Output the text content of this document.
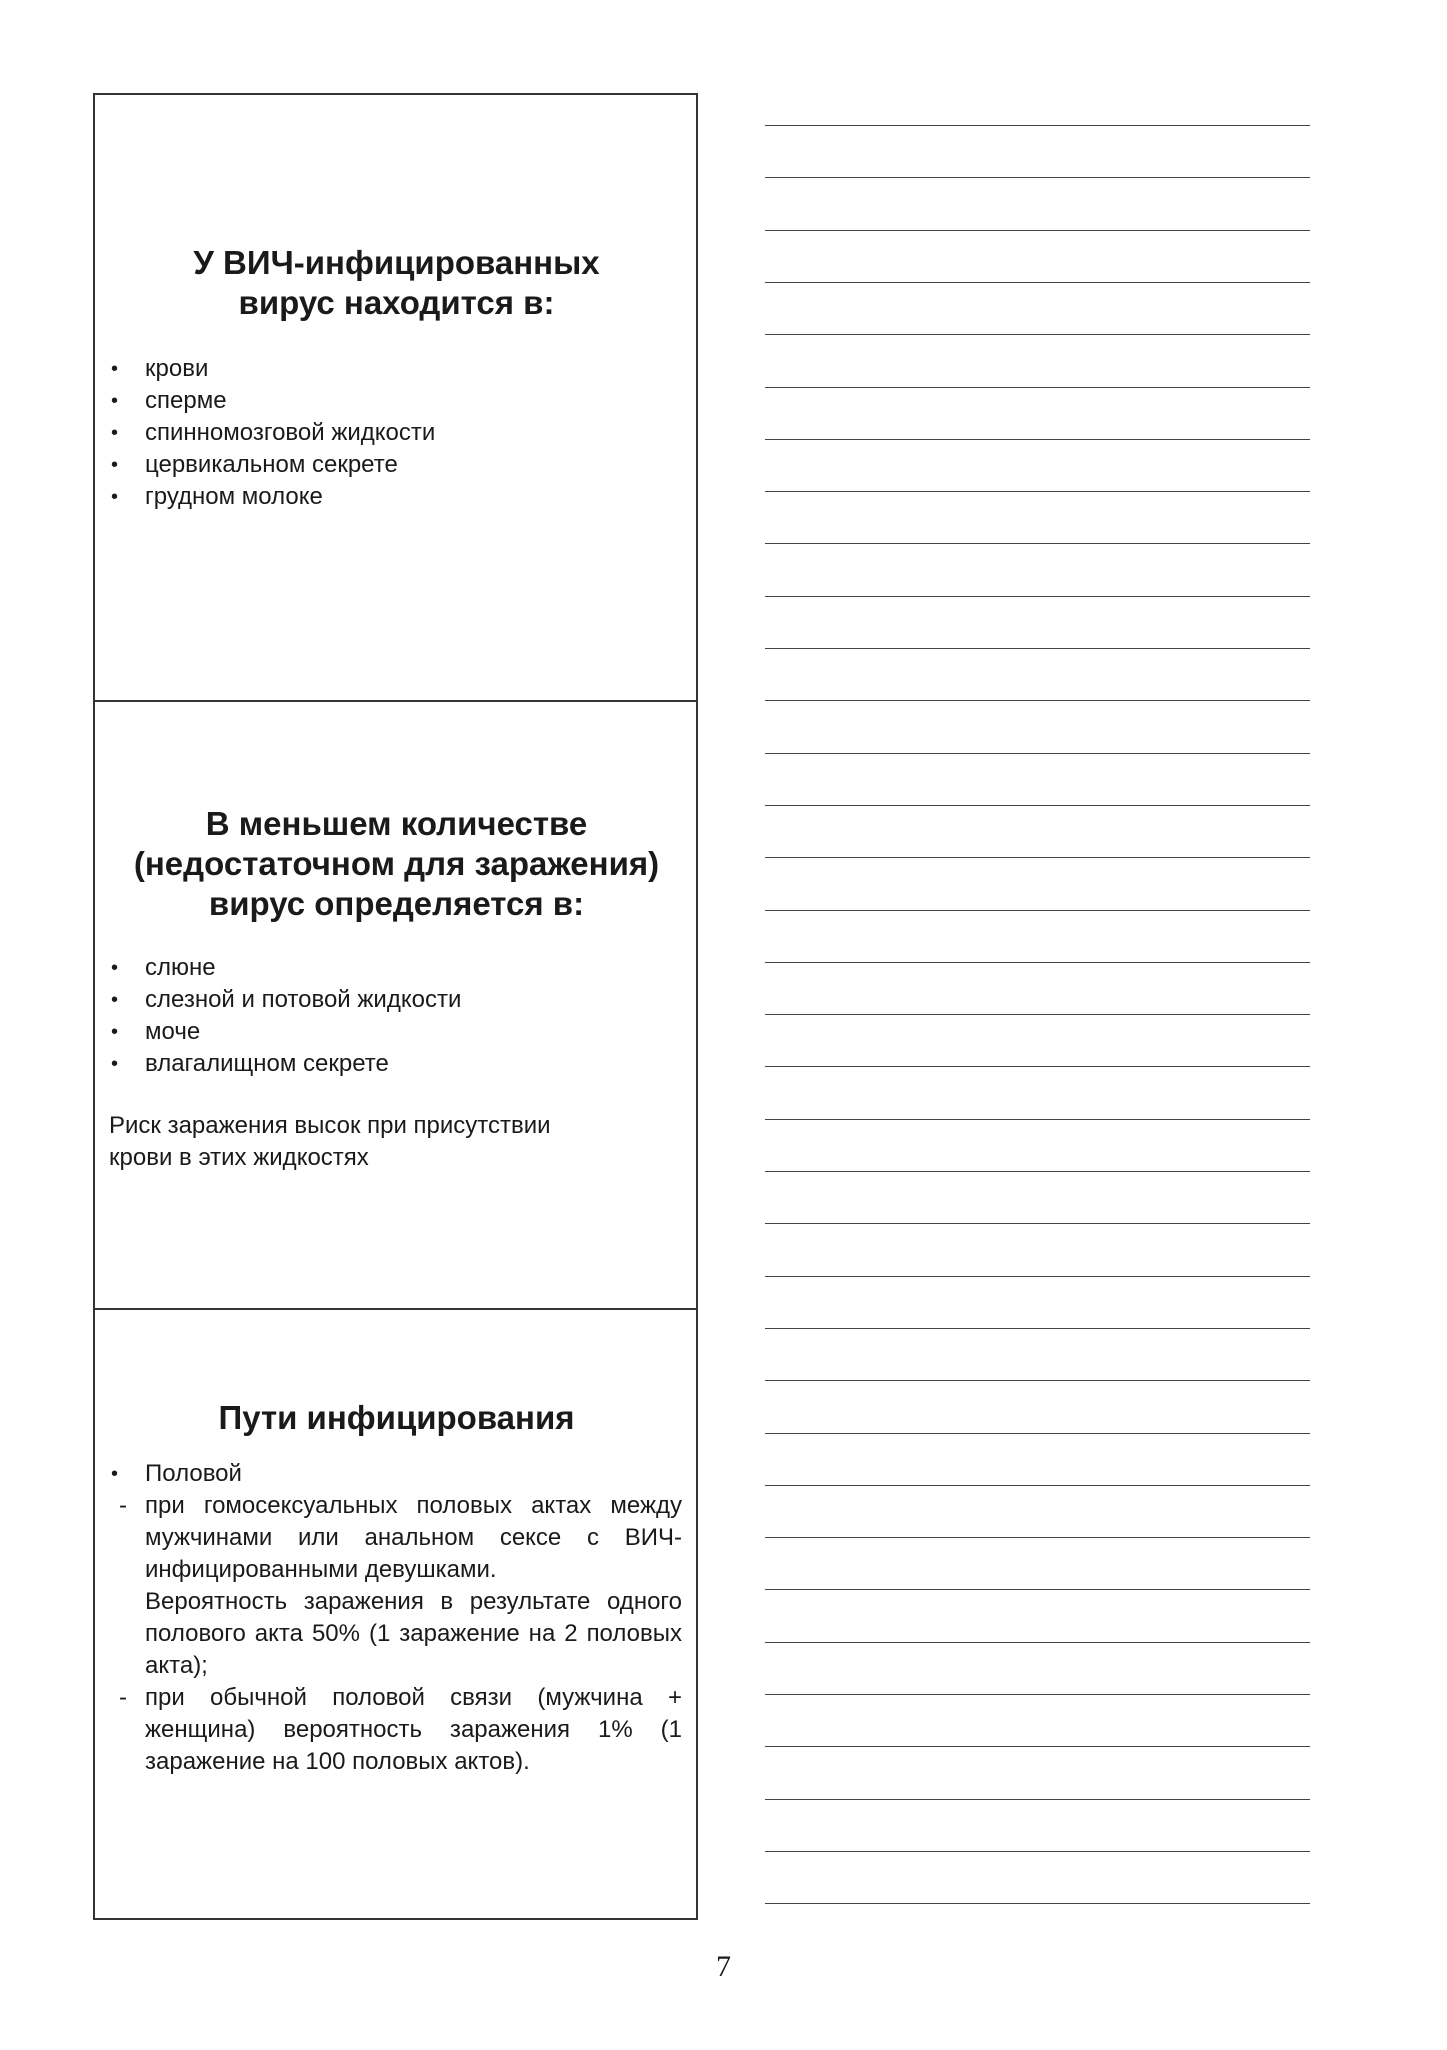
У ВИЧ-инфицированных
вирус находится в:
• крови
• сперме
• спинномозговой жидкости
• цервикальном секрете
• грудном молоке
В меньшем количестве
(недостаточном для заражения)
вирус определяется в:
• слюне
• слезной и потовой жидкости
• моче
• влагалищном секрете
Риск заражения высок при присутствии
крови в этих жидкостях
Пути инфицирования
• Половой
- при гомосексуальных половых актах между мужчинами или анальном сексе с ВИЧ-инфицированными девушками.
Вероятность заражения в результате одного полового акта 50% (1 заражение на 2 половых акта);
- при обычной половой связи (мужчина + женщина) вероятность заражения 1% (1 заражение на 100 половых актов).
7
